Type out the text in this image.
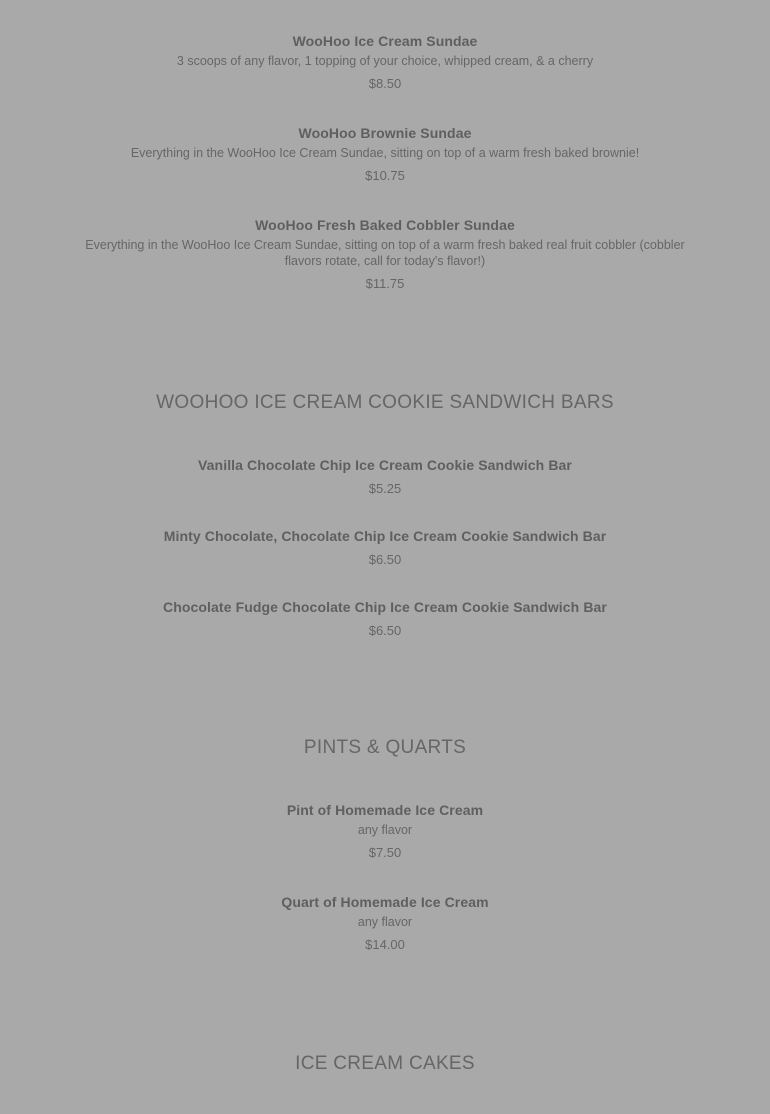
WooHoo Ice Cream Sundae
3 scoops of any flavor, 1 topping of your choice, whipped cream, & a cherry
$8.50
WooHoo Brownie Sundae
Everything in the WooHoo Ice Cream Sundae, sitting on top of a warm fresh baked brownie!
$10.75
WooHoo Fresh Baked Cobbler Sundae
Everything in the WooHoo Ice Cream Sundae, sitting on top of a warm fresh baked real fruit cobbler (cobbler flavors rotate, call for today's flavor!)
$11.75
WOOHOO ICE CREAM COOKIE SANDWICH BARS
Vanilla Chocolate Chip Ice Cream Cookie Sandwich Bar
$5.25
Minty Chocolate, Chocolate Chip Ice Cream Cookie Sandwich Bar
$6.50
Chocolate Fudge Chocolate Chip Ice Cream Cookie Sandwich Bar
$6.50
PINTS & QUARTS
Pint of Homemade Ice Cream
any flavor
$7.50
Quart of Homemade Ice Cream
any flavor
$14.00
ICE CREAM CAKES
